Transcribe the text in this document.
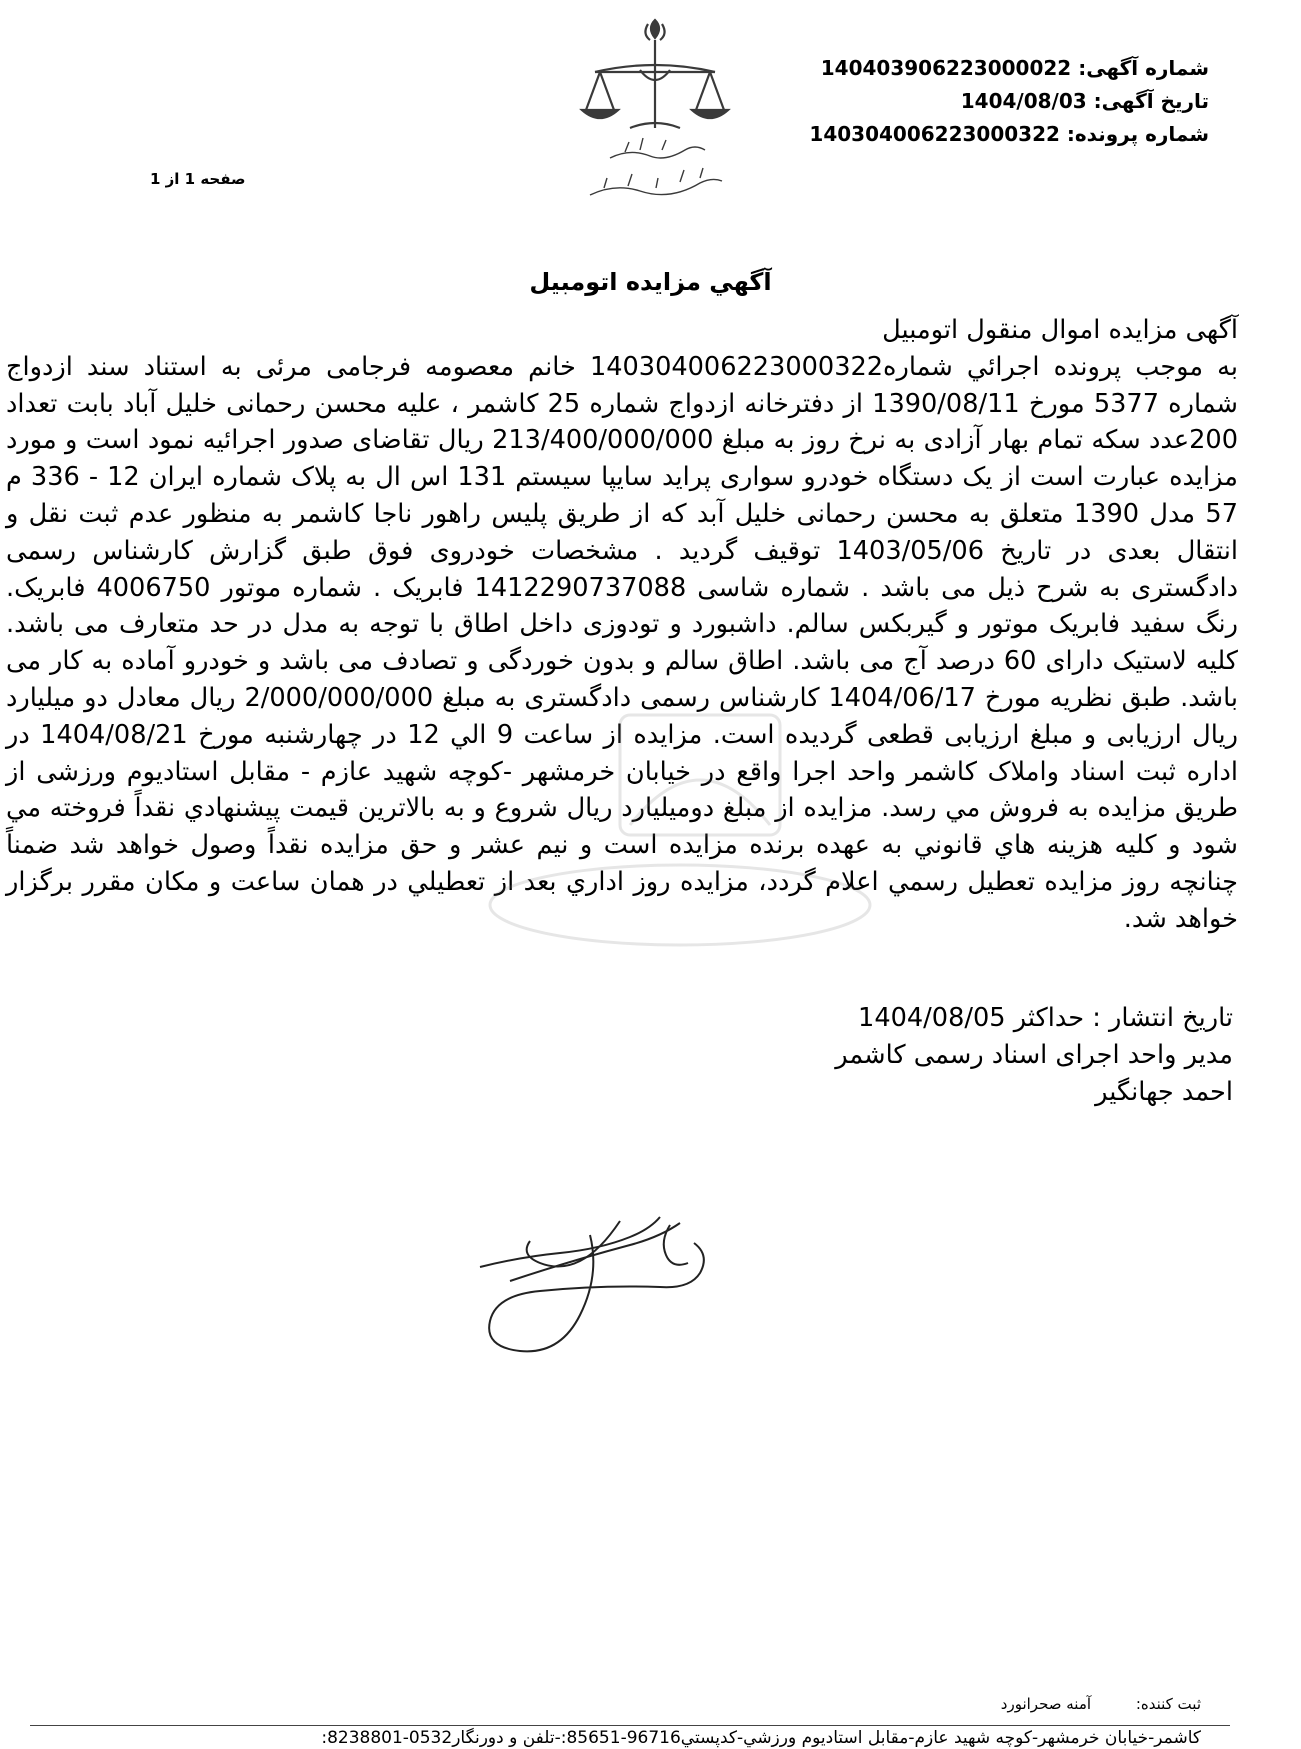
شماره آگهی: 140403906223000022
تاریخ آگهی: 1404/08/03
شماره پرونده: 140304006223000322
صفحه 1 از 1
آگهي مزايده اتومبيل

آگهی مزایده اموال منقول اتومبیل

به موجب پرونده اجرائي شماره140304006223000322 خانم معصومه فرجامی مرئی به استناد سند ازدواج شماره 5377 مورخ 1390/08/11 از دفترخانه ازدواج شماره 25 کاشمر ، علیه محسن رحمانی خلیل آباد بابت تعداد 200عدد سکه تمام بهار آزادی به نرخ روز به مبلغ 213/400/000/000 ریال تقاضای صدور اجرائیه نمود است و مورد مزایده عبارت است از یک دستگاه خودرو سواری پراید سایپا سیستم 131 اس ال به پلاک شماره ایران 12 - 336 م 57 مدل 1390 متعلق به محسن رحمانی خلیل آبد که از طریق پلیس راهور ناجا کاشمر به منظور عدم ثبت نقل و انتقال بعدی در تاریخ 1403/05/06 توقیف گردید . مشخصات خودروی فوق طبق گزارش کارشناس رسمی دادگستری به شرح ذیل می باشد . شماره شاسی 1412290737088 فابریک . شماره موتور 4006750 فابریک. رنگ سفید فابریک موتور و گیربکس سالم. داشبورد و تودوزی داخل اطاق با توجه به مدل در حد متعارف می باشد. کلیه لاستیک دارای 60 درصد آج می باشد. اطاق سالم و بدون خوردگی و تصادف می باشد و خودرو آماده به کار می باشد. طبق نظریه مورخ 1404/06/17 کارشناس رسمی دادگستری به مبلغ 2/000/000/000 ریال معادل دو میلیارد ریال ارزیابی و مبلغ ارزیابی قطعی گردیده است. مزایده از ساعت 9 الي 12 در چهارشنبه مورخ 1404/08/21 در اداره ثبت اسناد واملاک کاشمر واحد اجرا واقع در خیابان خرمشهر -کوچه شهید عازم - مقابل استادیوم ورزشی از طريق مزايده به فروش مي رسد. مزايده از مبلغ دوميليارد ريال شروع و به بالاترين قيمت پيشنهادي نقداً فروخته مي شود و كليه هزينه هاي قانوني به عهده برنده مزايده است و نيم عشر و حق مزايده نقداً وصول خواهد شد ضمناً چنانچه روز مزايده تعطيل رسمي اعلام گردد، مزايده روز اداري بعد از تعطيلي در همان ساعت و مكان مقرر برگزار خواهد شد.

تاریخ انتشار : حداکثر 1404/08/05
مدیر واحد اجرای اسناد رسمی کاشمر
احمد جهانگیر
ثبت کننده: آمنه صحرانورد
کاشمر-خیابان خرمشهر-کوچه شهید عازم-مقابل استادیوم ورزشي-کدپستي96716-85651:-تلفن و دورنگار0532-8238801:
